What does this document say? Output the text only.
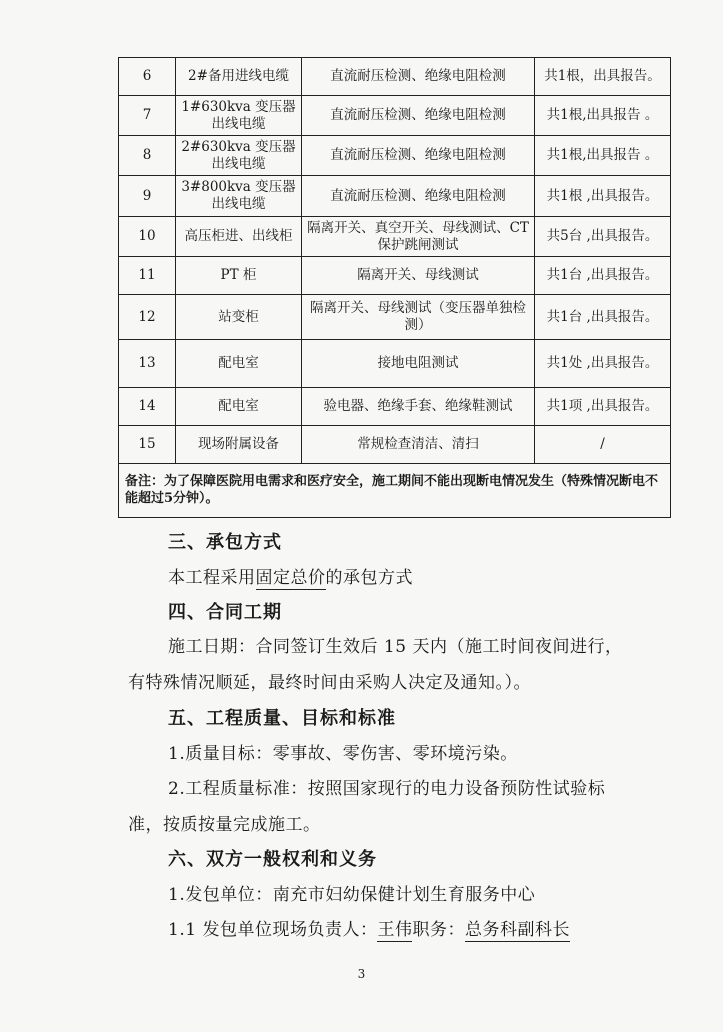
6	2#备用进线电缆	直流耐压检测、绝缘电阻检测	共1根，出具报告。
7	1#630kva 变压器出线电缆	直流耐压检测、绝缘电阻检测	共1根,出具报告 。
8	2#630kva 变压器出线电缆	直流耐压检测、绝缘电阻检测	共1根,出具报告 。
9	3#800kva 变压器出线电缆	直流耐压检测、绝缘电阻检测	共1根 ,出具报告。
10	高压柜进、出线柜	隔离开关、真空开关、母线测试、CT保护跳闸测试	共5台 ,出具报告。
11	PT 柜	隔离开关、母线测试	共1台 ,出具报告。
12	站变柜	隔离开关、母线测试（变压器单独检测）	共1台 ,出具报告。
13	配电室	接地电阻测试	共1处 ,出具报告。
14	配电室	验电器、绝缘手套、绝缘鞋测试	共1项 ,出具报告。
15	现场附属设备	常规检查清洁、清扫	/
备注：为了保障医院用电需求和医疗安全，施工期间不能出现断电情况发生（特殊情况断电不能超过5分钟）。			
三、承包方式
本工程采用固定总价的承包方式
四、合同工期
施工日期：合同签订生效后 15 天内（施工时间夜间进行，
有特殊情况顺延，最终时间由采购人决定及通知。）。
五、工程质量、目标和标准
1.质量目标：零事故、零伤害、零环境污染。
2.工程质量标准：按照国家现行的电力设备预防性试验标
准，按质按量完成施工。
六、双方一般权利和义务
1.发包单位：南充市妇幼保健计划生育服务中心
1.1 发包单位现场负责人：王伟职务：总务科副科长
3
